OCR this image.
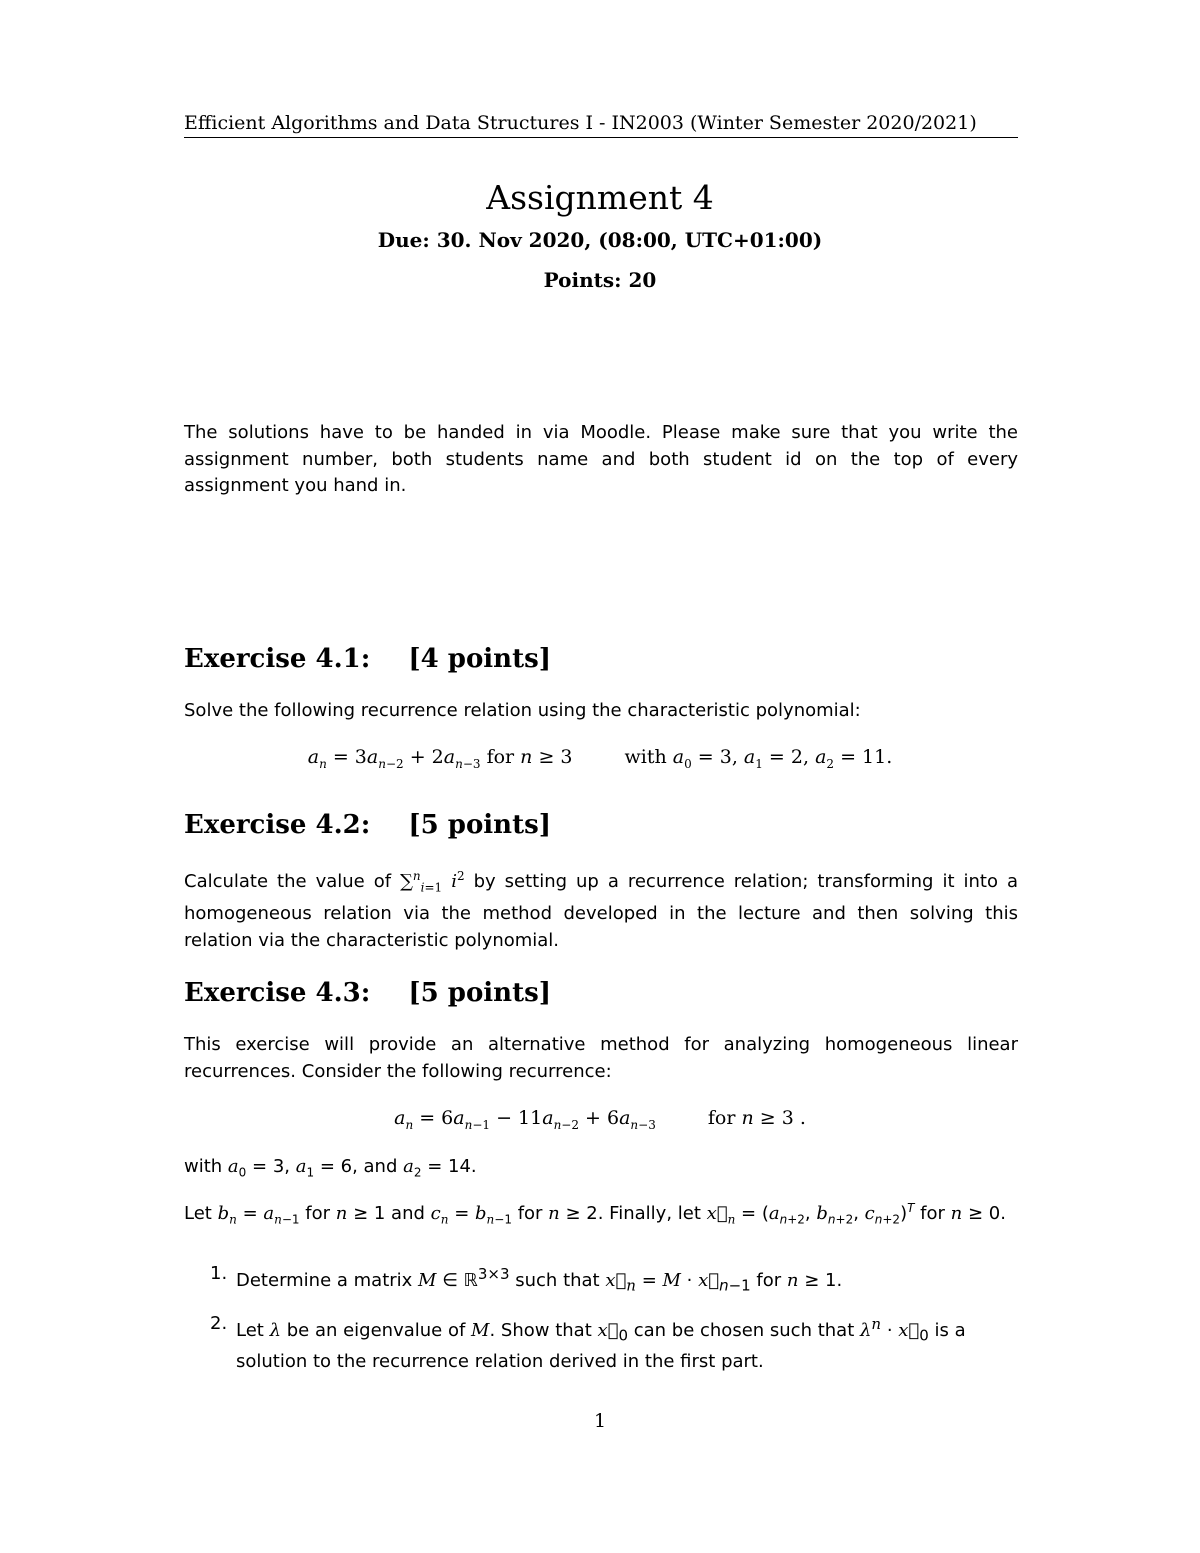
Efficient Algorithms and Data Structures I - IN2003 (Winter Semester 2020/2021)
Assignment 4
Due: 30. Nov 2020, (08:00, UTC+01:00)
Points: 20
The solutions have to be handed in via Moodle. Please make sure that you write the assignment number, both students name and both student id on the top of every assignment you hand in.
Exercise 4.1: [4 points]
Solve the following recurrence relation using the characteristic polynomial:
$a_n = 3a_{n-2} + 2a_{n-3}$ for n ≥ 3	with $a_0 = 3$, $a_1 = 2$, $a_2 = 11$.
Exercise 4.2: [5 points]
Calculate the value of ∑$^n_{i=1}$ $i^2$ by setting up a recurrence relation; transforming it into a homogeneous relation via the method developed in the lecture and then solving this relation via the characteristic polynomial.
Exercise 4.3: [5 points]
This exercise will provide an alternative method for analyzing homogeneous linear recurrences. Consider the following recurrence:
$a_n = 6a_{n-1} - 11a_{n-2} + 6a_{n-3}$	for n ≥ 3 .
with $a_0 = 3$, $a_1 = 6$, and $a_2 = 14$.
Let $b_n = a_{n-1}$ for n ≥ 1 and $c_n = b_{n-1}$ for n ≥ 2. Finally, let $x⃗_n = (a_{n+2}$, $b_{n+2}$, $c_{n+2})^T$ for n ≥ 0.
1. Determine a matrix M ∈ ℝ$^{3\times 3}$ such that $x⃗_n = M$ · $x⃗_{n-1}$ for n ≥ 1.
2. Let λ be an eigenvalue of M. Show that $x⃗_0$ can be chosen such that $\lambda^n$ · $x⃗_0$ is a solution to the recurrence relation derived in the first part.
1
